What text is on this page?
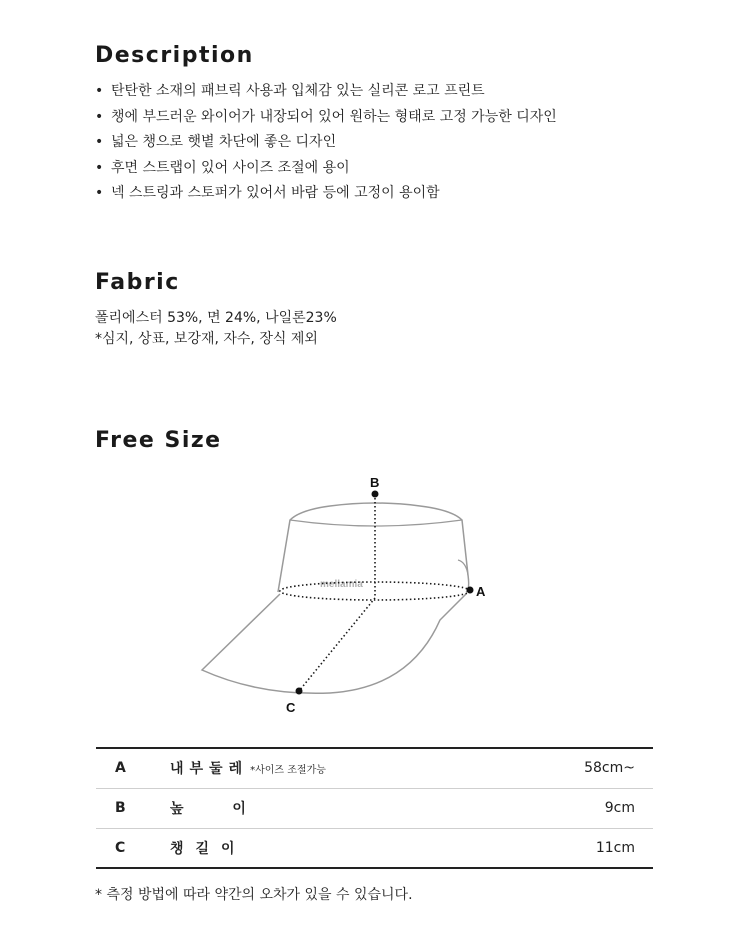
Description
• 탄탄한 소재의 패브릭 사용과 입체감 있는 실리콘 로고 프린트
• 챙에 부드러운 와이어가 내장되어 있어 원하는 형태로 고정 가능한 디자인
• 넓은 챙으로 햇볕 차단에 좋은 디자인
• 후면 스트랩이 있어 사이즈 조절에 용이
• 넥 스트링과 스토퍼가 있어서 바람 등에 고정이 용이함
Fabric
폴리에스터 53%, 면 24%, 나일론23%
*심지, 상표, 보강재, 자수, 장식 제외
Free Size
mellamia	A
B
C
A	내부둘레 *사이즈 조절가능	58cm~
B	높 이	9cm
C	챙길이	11cm
* 측정 방법에 따라 약간의 오차가 있을 수 있습니다.
